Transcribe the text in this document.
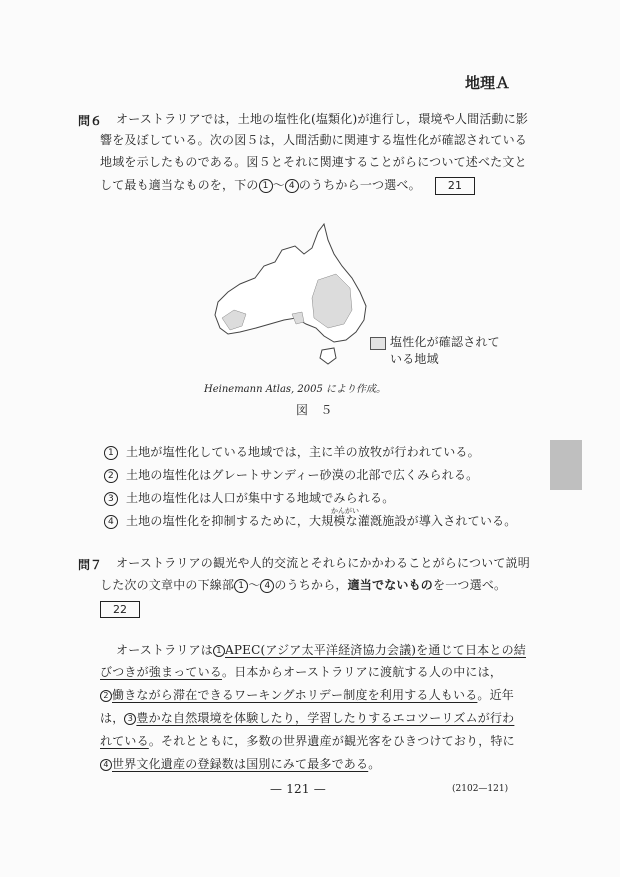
地理Ａ
問６ オーストラリアでは，土地の塩性化(塩類化)が進行し，環境や人間活動に影
響を及ぼしている。次の図５は，人間活動に関連する塩性化が確認されている
地域を示したものである。図５とそれに関連することがらについて述べた文と
して最も適当なものを，下の 1 〜 4 のうちから一つ選べ。 21
塩性化が確認されて
いる地域
Heinemann Atlas, 2005 により作成。
図　５
1 土地が塩性化している地域では，主に羊の放牧が行われている。
2 土地の塩性化はグレートサンディー砂漠の北部で広くみられる。
3 土地の塩性化は人口が集中する地域でみられる。
かんがい
4 土地の塩性化を抑制するために，大規模な灌漑施設が導入されている。
問７ オーストラリアの観光や人的交流とそれらにかかわることがらについて説明
した次の文章中の下線部 1 〜 4 のうちから，適当でないものを一つ選べ。
22
オーストラリアは 1 APEC(アジア太平洋経済協力会議)を通じて日本との結
びつきが強まっている。日本からオーストラリアに渡航する人の中には，
2 働きながら滞在できるワーキングホリデー制度を利用する人もいる。近年
は， 3 豊かな自然環境を体験したり，学習したりするエコツーリズムが行わ
れている。それとともに，多数の世界遺産が観光客をひきつけており，特に
4 世界文化遺産の登録数は国別にみて最多である。
— 121 —	(2102—121)
